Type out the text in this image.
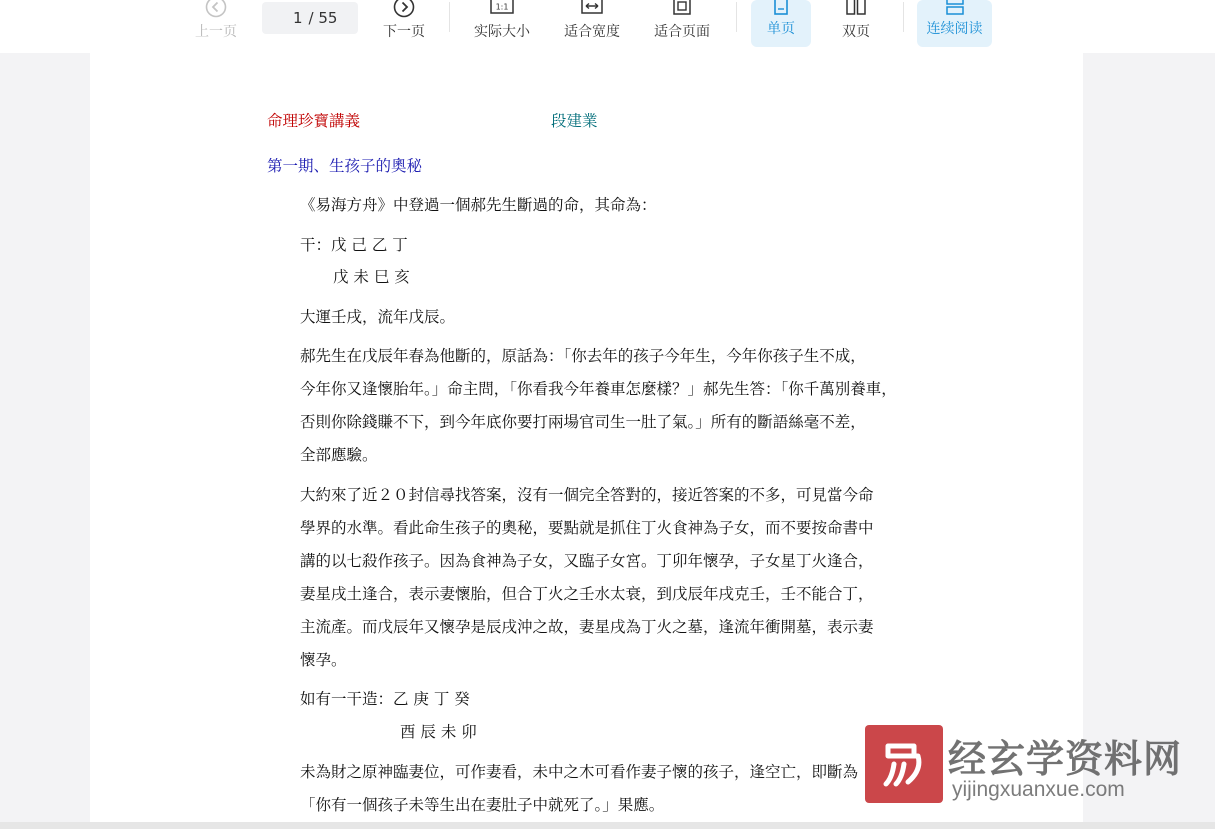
上一页
1
/ 55
下一页
1:1
实际大小 适合宽度 适合页面	单页	双页	连续阅读
命理珍寶講義	段建業
第一期、生孩子的奧秘
《易海方舟》中登過一個郝先生斷過的命，其命為：
干：戊 己 乙 丁
戊 未 巳 亥
大運壬戌，流年戊辰。
郝先生在戊辰年春為他斷的，原話為：「你去年的孩子今年生，今年你孩子生不成，
今年你又逢懷胎年。」命主問，「你看我今年養車怎麼樣？」郝先生答：「你千萬別養車，
否則你除錢賺不下，到今年底你要打兩場官司生一肚了氣。」所有的斷語絲毫不差，
全部應驗。
大約來了近２０封信尋找答案，沒有一個完全答對的，接近答案的不多，可見當今命
學界的水準。看此命生孩子的奧秘，要點就是抓住丁火食神為子女，而不要按命書中
講的以七殺作孩子。因為食神為子女，又臨子女宮。丁卯年懷孕，子女星丁火逢合，
妻星戌土逢合，表示妻懷胎，但合丁火之壬水太衰，到戊辰年戌克壬，壬不能合丁，
主流產。而戊辰年又懷孕是辰戌沖之故，妻星戌為丁火之墓，逢流年衝開墓，表示妻
懷孕。
如有一干造：乙 庚 丁 癸
酉 辰 未 卯
未為財之原神臨妻位，可作妻看，未中之木可看作妻子懷的孩子，逢空亡，即斷為
「你有一個孩子未等生出在妻肚子中就死了。」果應。
经玄学资料网
yijingxuanxue.com
